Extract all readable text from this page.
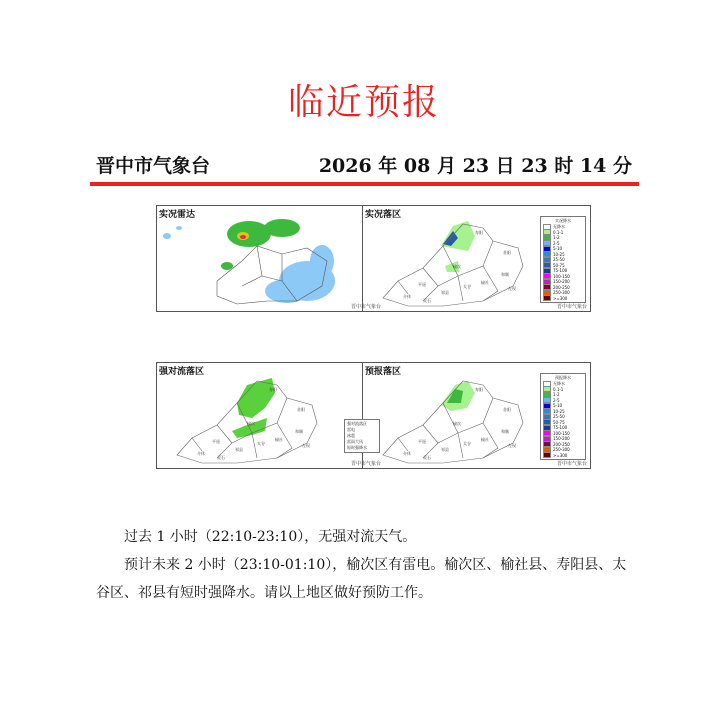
临近预报
晋中市气象台	2026 年 08 月 23 日 23 时 14 分
实况雷达
晋中市气象台
实况落区
榆次
太谷
祁县
平遥
介休
灵石
寿阳
昔阳
和顺
左权
榆社
实况降水
无降水
0.1-1
1-2
2-5
5-10
10-25
25-50
50-75
75-100
100-150
150-200
200-250
250-300
>=300
晋中市气象台
强对流落区
榆次
太谷
祁县
平遥
介休
灵石
寿阳
昔阳
和顺
左权
榆社
强对流落区
雷电
冰雹
雷雨大风
短时强降水
晋中市气象台
预报落区
榆次
太谷
祁县
平遥
介休
灵石
寿阳
昔阳
和顺
左权
榆社
预报降水
无降水
0.1-1
1-2
2-5
5-10
10-25
25-50
50-75
75-100
100-150
150-200
200-250
250-300
>=300
晋中市气象台
过去 1 小时（22:10-23:10），无强对流天气。
预计未来 2 小时（23:10-01:10），榆次区有雷电。榆次区、榆社县、寿阳县、太谷区、祁县有短时强降水。请以上地区做好预防工作。
